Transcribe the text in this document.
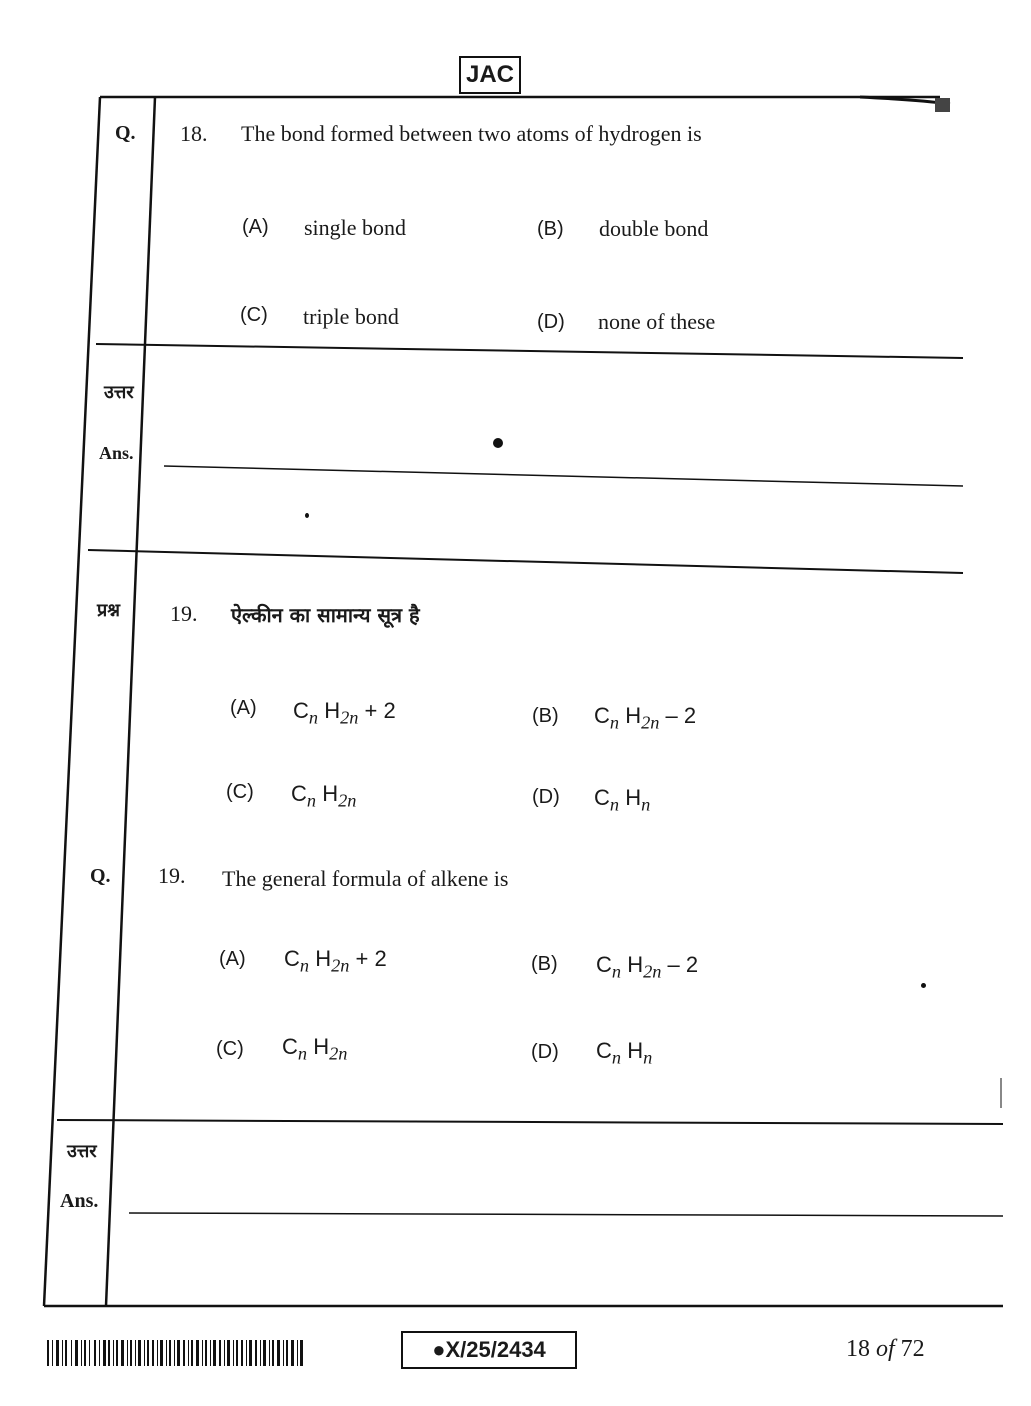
JAC
Q. 18. The bond formed between two atoms of hydrogen is
(A) single bond	(B) double bond
(C) triple bond	(D) none of these
उत्तर
Ans.
प्रश्न 19. ऐल्कीन का सामान्य सूत्र है
(A) $C_n$ $H_{2n} + 2$	(B) $C_n$ $H_{2n} - 2$
(C) $C_n$ $H_{2n}$	(D) $C_n$ $H_n$
Q. 19. The general formula of alkene is
(A) $C_n$ $H_{2n} + 2$	(B) $C_n$ $H_{2n} - 2$
(C) $C_n$ $H_{2n}$	(D) $C_n$ $H_n$
उत्तर
Ans.
●X/25/2434	18 of 72
